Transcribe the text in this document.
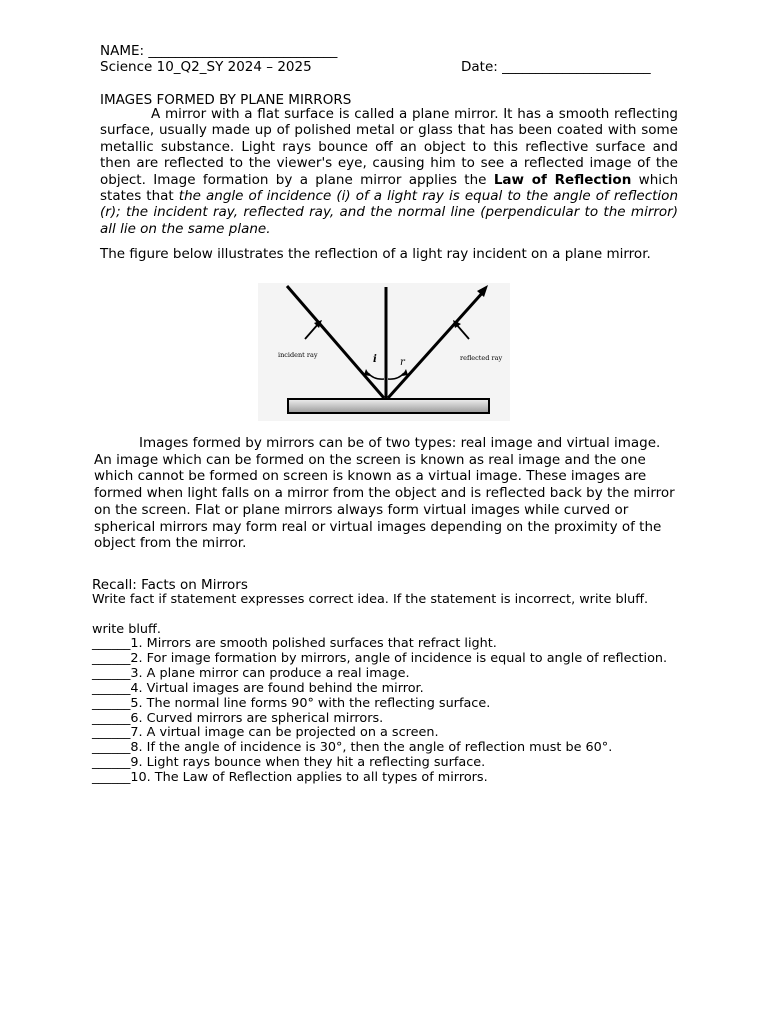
NAME: ____________________________
Science 10_Q2_SY 2024 – 2025	Date: ______________________
IMAGES FORMED BY PLANE MIRRORS
A mirror with a flat surface is called a plane mirror. It has a smooth reflecting surface, usually made up of polished metal or glass that has been coated with some metallic substance. Light rays bounce off an object to this reflective surface and then are reflected to the viewer's eye, causing him to see a reflected image of the object. Image formation by a plane mirror applies the Law of Reflection which states that the angle of incidence (i) of a light ray is equal to the angle of reflection (r); the incident ray, reflected ray, and the normal line (perpendicular to the mirror) all lie on the same plane.
The figure below illustrates the reflection of a light ray incident on a plane mirror.
incident ray	reflected ray
i r
Images formed by mirrors can be of two types: real image and virtual image. An image which can be formed on the screen is known as real image and the one which cannot be formed on screen is known as a virtual image. These images are formed when light falls on a mirror from the object and is reflected back by the mirror on the screen. Flat or plane mirrors always form virtual images while curved or spherical mirrors may form real or virtual images depending on the proximity of the object from the mirror.
Recall: Facts on Mirrors
Write fact if statement expresses correct idea. If the statement is incorrect, write bluff.
write bluff.
______1. Mirrors are smooth polished surfaces that refract light.
______2. For image formation by mirrors, angle of incidence is equal to angle of reflection.
______3. A plane mirror can produce a real image.
______4. Virtual images are found behind the mirror.
______5. The normal line forms 90° with the reflecting surface.
______6. Curved mirrors are spherical mirrors.
______7. A virtual image can be projected on a screen.
______8. If the angle of incidence is 30°, then the angle of reflection must be 60°.
______9. Light rays bounce when they hit a reflecting surface.
______10. The Law of Reflection applies to all types of mirrors.
